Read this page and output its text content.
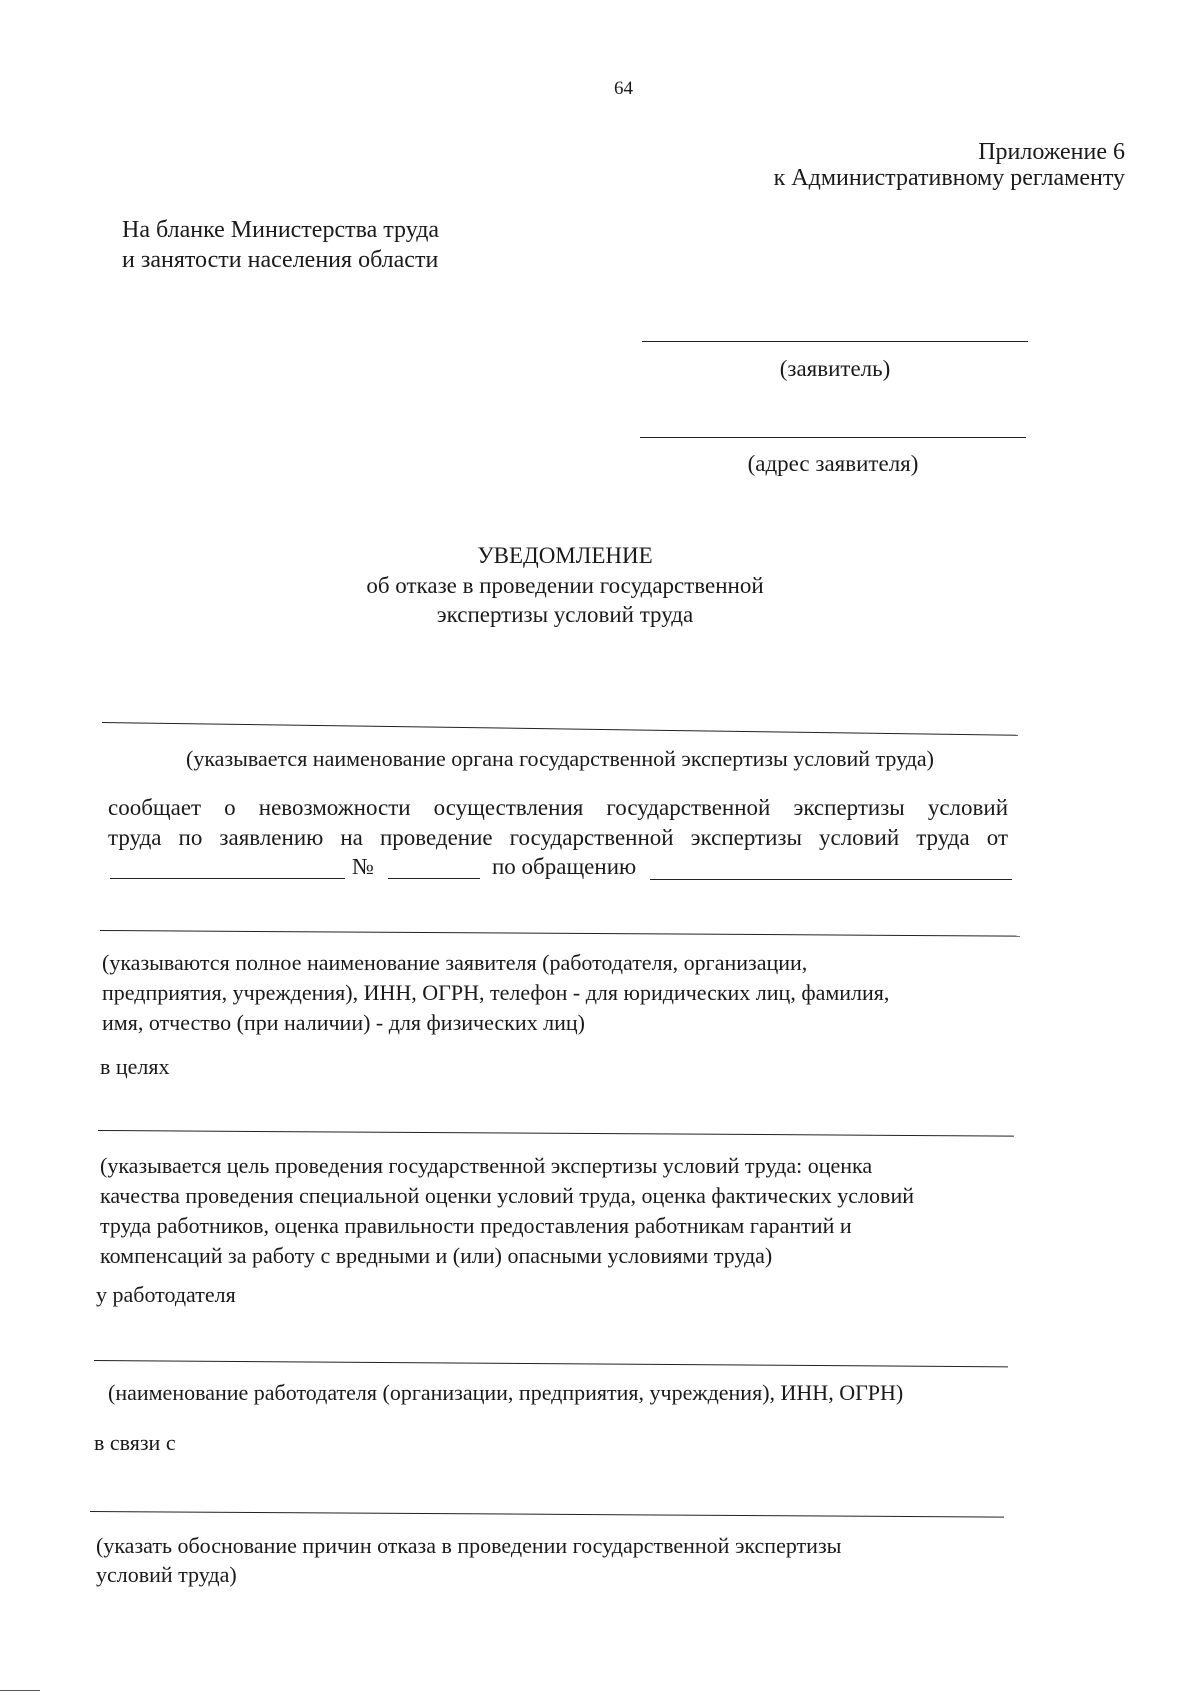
64
Приложение 6
к Административному регламенту
На бланке Министерства труда
и занятости населения области
(заявитель)
(адрес заявителя)
УВЕДОМЛЕНИЕ
об отказе в проведении государственной
экспертизы условий труда
(указывается наименование органа государственной экспертизы условий труда)
сообщает о невозможности осуществления государственной экспертизы условий
труда по заявлению на проведение государственной экспертизы условий труда от
№	по обращению
(указываются полное наименование заявителя (работодателя, организации,
предприятия, учреждения), ИНН, ОГРН, телефон - для юридических лиц, фамилия,
имя, отчество (при наличии) - для физических лиц)
в целях
(указывается цель проведения государственной экспертизы условий труда: оценка
качества проведения специальной оценки условий труда, оценка фактических условий
труда работников, оценка правильности предоставления работникам гарантий и
компенсаций за работу с вредными и (или) опасными условиями труда)
у работодателя
(наименование работодателя (организации, предприятия, учреждения), ИНН, ОГРН)
в связи с
(указать обоснование причин отказа в проведении государственной экспертизы
условий труда)
